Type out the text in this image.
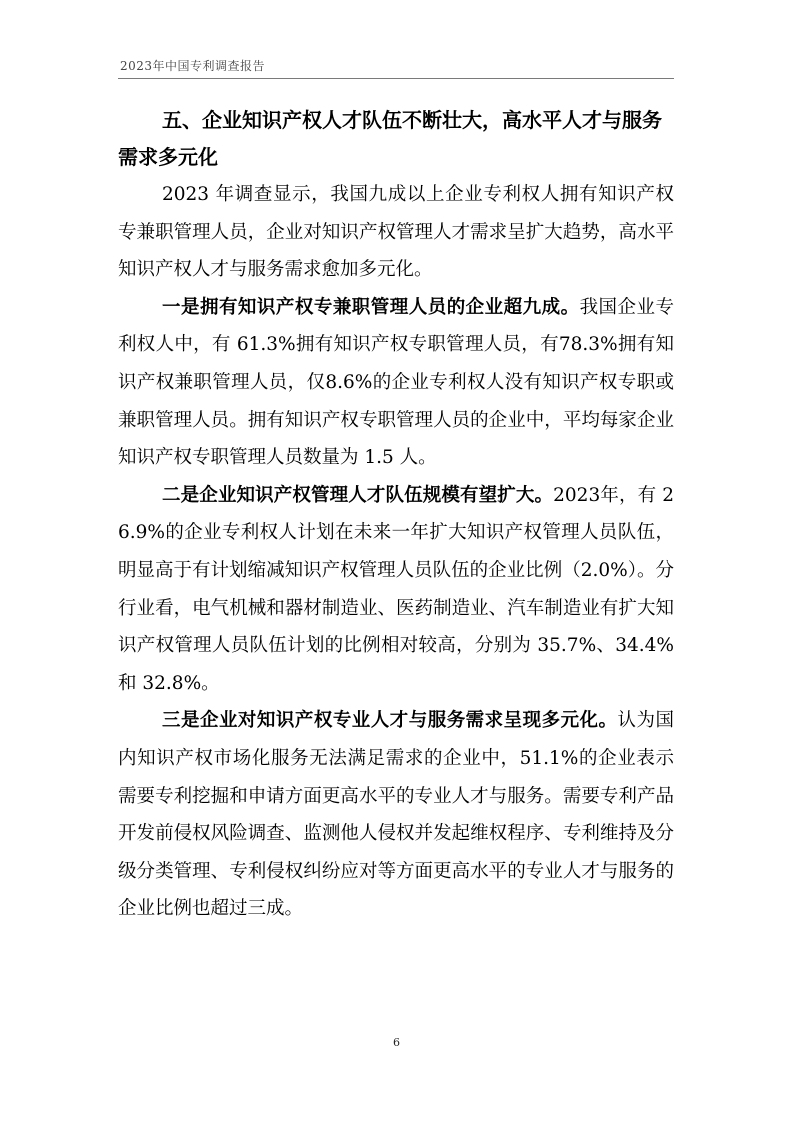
2023年中国专利调查报告
五、企业知识产权人才队伍不断壮大，高水平人才与服务需求多元化

2023 年调查显示，我国九成以上企业专利权人拥有知识产权专兼职管理人员，企业对知识产权管理人才需求呈扩大趋势，高水平知识产权人才与服务需求愈加多元化。

一是拥有知识产权专兼职管理人员的企业超九成。我国企业专利权人中，有 61.3%拥有知识产权专职管理人员，有78.3%拥有知识产权兼职管理人员，仅8.6%的企业专利权人没有知识产权专职或兼职管理人员。拥有知识产权专职管理人员的企业中，平均每家企业知识产权专职管理人员数量为 1.5 人。

二是企业知识产权管理人才队伍规模有望扩大。2023年，有 26.9%的企业专利权人计划在未来一年扩大知识产权管理人员队伍，明显高于有计划缩减知识产权管理人员队伍的企业比例（2.0%）。分行业看，电气机械和器材制造业、医药制造业、汽车制造业有扩大知识产权管理人员队伍计划的比例相对较高，分别为 35.7%、34.4%和 32.8%。

三是企业对知识产权专业人才与服务需求呈现多元化。认为国内知识产权市场化服务无法满足需求的企业中，51.1%的企业表示需要专利挖掘和申请方面更高水平的专业人才与服务。需要专利产品开发前侵权风险调查、监测他人侵权并发起维权程序、专利维持及分级分类管理、专利侵权纠纷应对等方面更高水平的专业人才与服务的企业比例也超过三成。

6
